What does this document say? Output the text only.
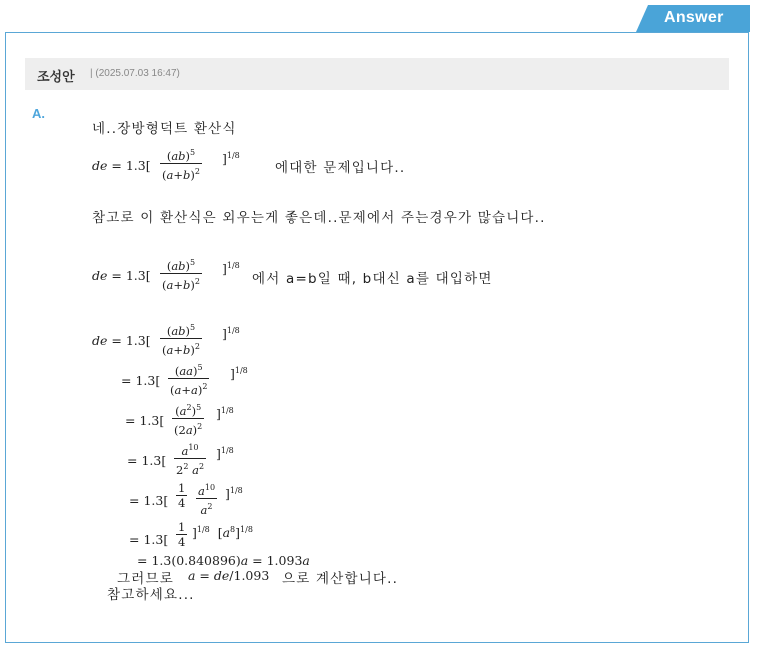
Answer
조성안 | (2025.07.03 16:47)
A.
네..장방형덕트 환산식
de = 1.3[
(ab)$^5$
$(a+b)^2$
]$^{1/8}$
에대한 문제입니다..
참고로 이 환산식은 외우는게 좋은데..문제에서 주는경우가 많습니다..
de = 1.3[
(ab)$^5$
$(a+b)^2$
]$^{1/8}$
에서 a=b일 때, b대신 a를 대입하면
de = 1.3[
(ab)$^5$
$(a+b)^2$
]$^{1/8}$
= 1.3[
(aa)$^5$
$(a+a)^2$
]$^{1/8}$
= 1.3[
$(a^2)^5$
$(2a)^2$
]$^{1/8}$
= 1.3[
$a^{10}$
$2^2$ $a^2$
]$^{1/8}$
= 1.3[
1
4
$a^{10}$
$a^2$
]$^{1/8}$
= 1.3[
1
4
]$^{1/8}$  $[a^8]^{1/8}$
= 1.3(0.840896)a = 1.093a
그러므로 a = de/1.093 으로 계산합니다..
참고하세요...
